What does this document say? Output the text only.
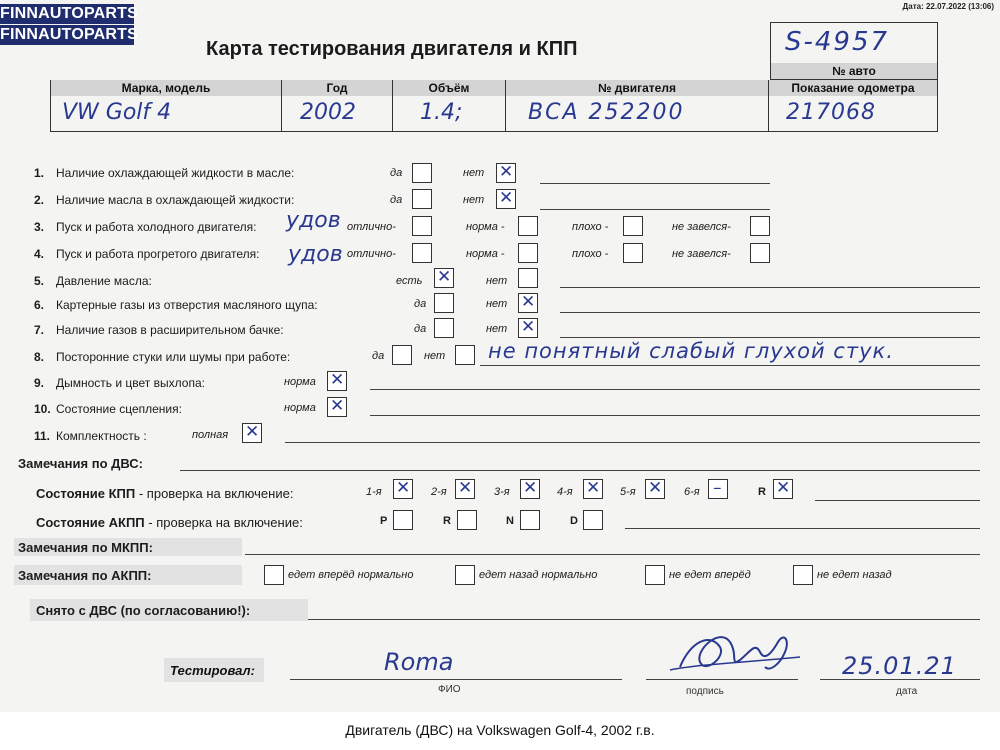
FINNAUTOPARTS
FINNAUTOPARTS
Дата: 22.07.2022 (13:06)
Карта тестирования двигателя и КПП	S-4957
№ авто
Марка, модель	Год	Объём	№ двигателя	Показание одометра
VW Golf 4	2002	1.4;	BCA 252200	217068
1. Наличие охлаждающей жидкости в масле:	да	нет ✕
2. Наличие масла в охлаждающей жидкости:	да	нет ✕
3. Пуск и работа холодного двигателя: удов отлично-	норма -	плохо -	не завелся-
4. Пуск и работа прогретого двигателя: удов отлично-	норма -	плохо -	не завелся-
5. Давление масла:	есть ✕	нет
6. Картерные газы из отверстия масляного щупа:	да	нет ✕
7. Наличие газов в расширительном бачке:	да	нет ✕
8. Посторонние стуки или шумы при работе:	да	нет не понятный слабый глухой стук.
9. Дымность и цвет выхлопа:	норма ✕
10. Состояние сцепления:	норма ✕
11. Комплектность :	полная ✕
Замечания по ДВС:
Состояние КПП - проверка на включение:	1-я ✕ 2-я ✕ 3-я ✕ 4-я ✕ 5-я ✕ 6-я –	R ✕
Состояние АКПП - проверка на включение:	P	R	N	D
Замечания по МКПП:
Замечания по АКПП:	едет вперёд нормально	едет назад нормально	не едет вперёд	не едет назад
Снято с ДВС (по согласованию!):
Тестировал:	Roma
ФИО	подпись
25.01.21
дата
Двигатель (ДВС) на Volkswagen Golf-4, 2002 г.в.
